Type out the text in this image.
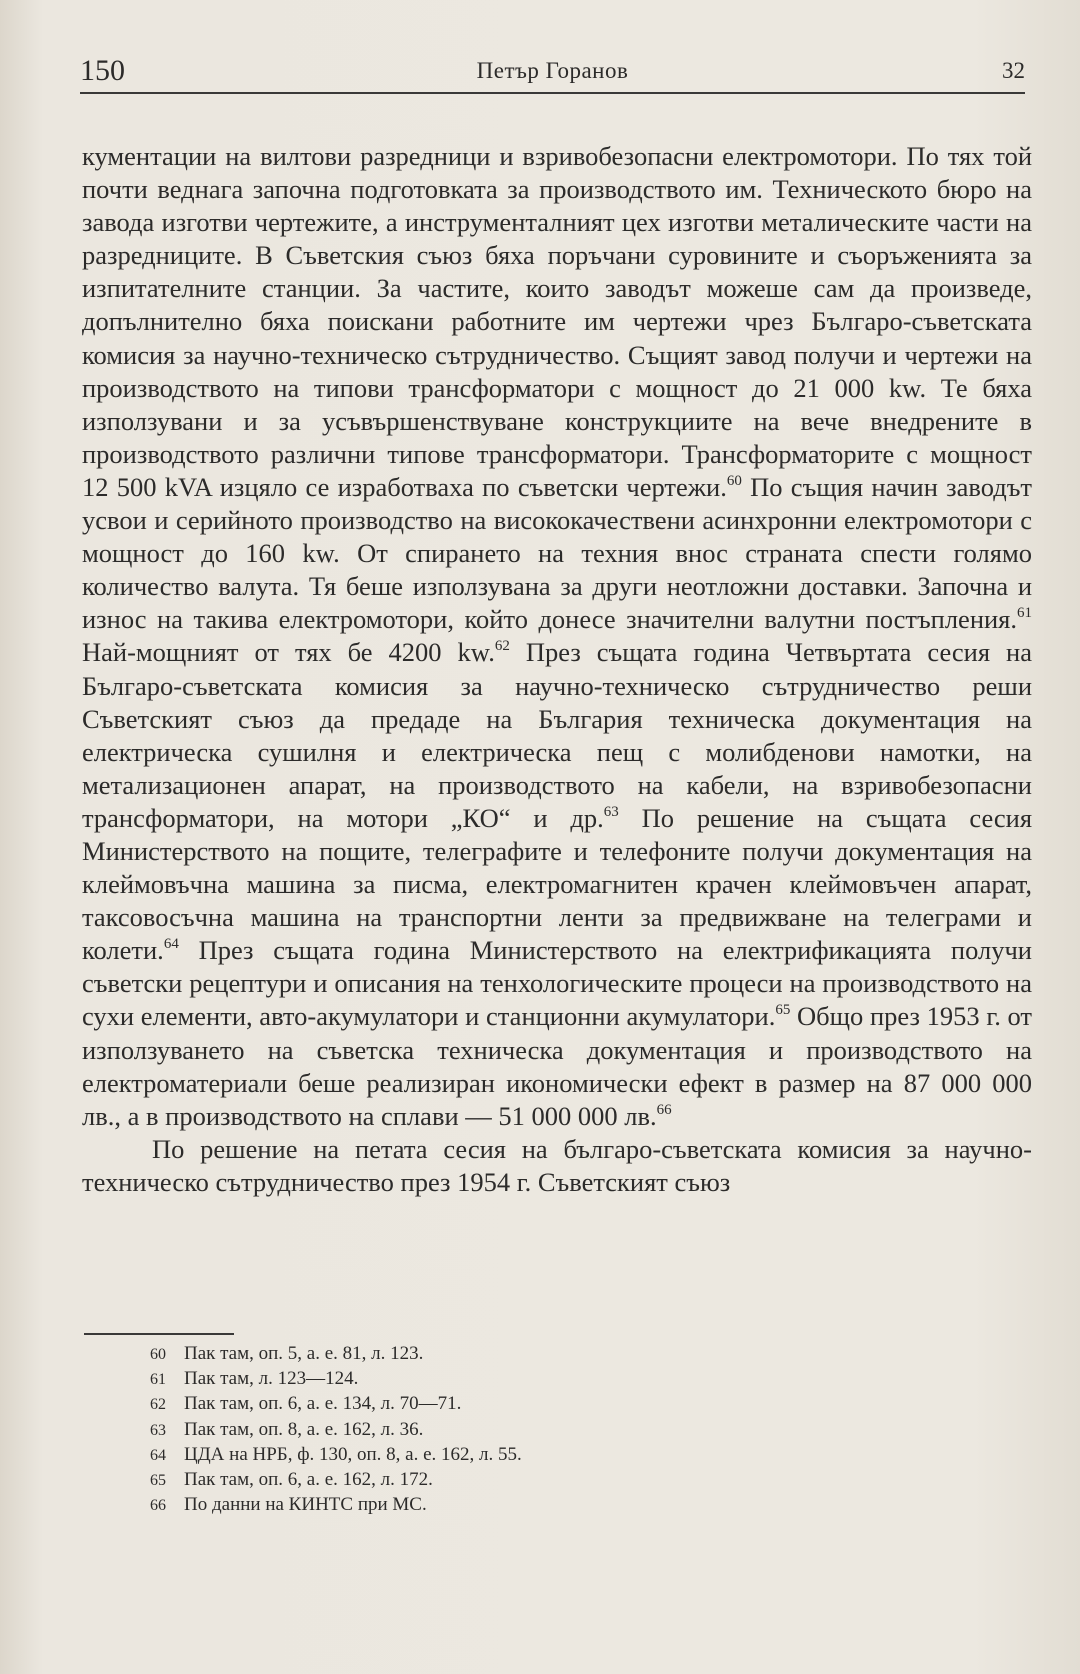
150	Петър Горанов	32

кументации на вилтови разредници и взривобезопасни електромотори. По тях той почти веднага започна подготовката за производството им. Техническото бюро на завода изготви чертежите, а инструменталният цех изготви металическите части на разредниците. В Съветския съюз бяха поръчани суровините и съоръженията за изпитателните станции. За частите, които заводът можеше сам да произведе, допълнително бяха поискани работните им чертежи чрез Българо-съветската комисия за научно-техническо сътрудничество. Същият завод получи и чертежи на производството на типови трансформатори с мощност до 21 000 kw. Те бяха използувани и за усъвършенствуване конструкциите на вече внедрените в производството различни типове трансформатори. Трансформаторите с мощност 12 500 kVA изцяло се изработваха по съветски чертежи.$^{60}$ По същия начин заводът усвои и серийното производство на висококачествени асинхронни електромотори с мощност до 160 kw. От спирането на техния внос страната спести голямо количество валута. Тя беше използувана за други неотложни доставки. Започна и износ на такива електромотори, който донесе значителни валутни постъпления.$^{61}$ Най-мощният от тях бе 4200 kw.$^{62}$ През същата година Четвъртата сесия на Българо-съветската комисия за научно-техническо сътрудничество реши Съветският съюз да предаде на България техническа документация на електрическа сушилня и електрическа пещ с молибденови намотки, на метализационен апарат, на производството на кабели, на взривобезопасни трансформатори, на мотори „КО“ и др.$^{63}$ По решение на същата сесия Министерството на пощите, телеграфите и телефоните получи документация на клеймовъчна машина за писма, електромагнитен крачен клеймовъчен апарат, таксовосъчна машина на транспортни ленти за предвижване на телеграми и колети.$^{64}$ През същата година Министерството на електрификацията получи съветски рецептури и описания на тенхологическите процеси на производството на сухи елементи, авто-акумулатори и станционни акумулатори.$^{65}$ Общо през 1953 г. от използуването на съветска техническа документация и производството на електроматериали беше реализиран икономически ефект в размер на 87 000 000 лв., а в производството на сплави — 51 000 000 лв.$^{66}$

По решение на петата сесия на българо-съветската комисия за научно-техническо сътрудничество през 1954 г. Съветският съюз

60 Пак там, оп. 5, а. е. 81, л. 123.
61 Пак там, л. 123—124.
62 Пак там, оп. 6, а. е. 134, л. 70—71.
63 Пак там, оп. 8, а. е. 162, л. 36.
64 ЦДА на НРБ, ф. 130, оп. 8, а. е. 162, л. 55.
65 Пак там, оп. 6, а. е. 162, л. 172.
66 По данни на КИНТС при МС.
